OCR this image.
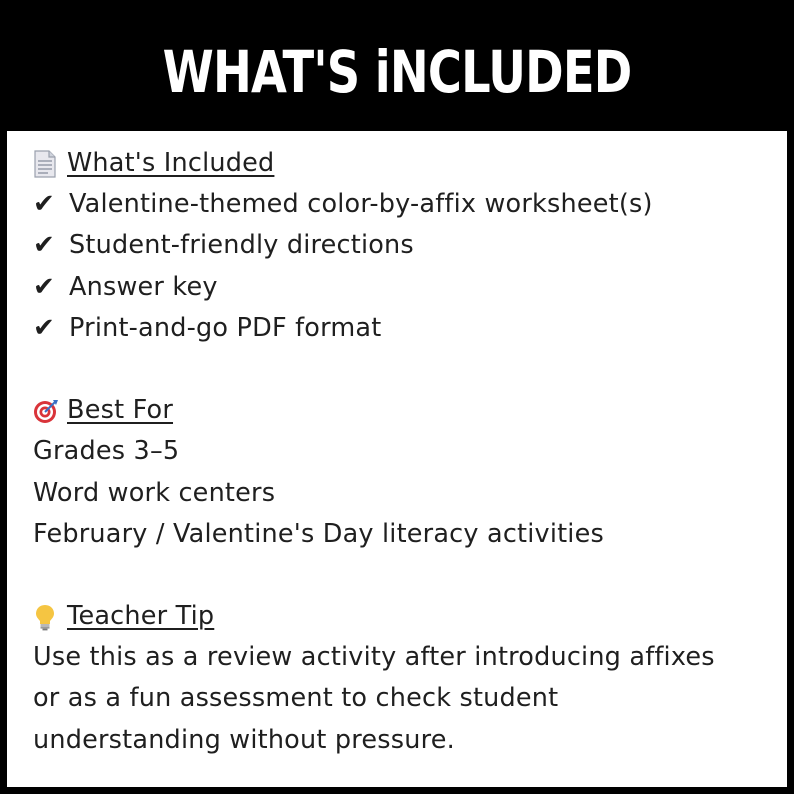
WHAT'S iNCLUDED
What's Included
✔ Valentine-themed color-by-affix worksheet(s)
✔ Student-friendly directions
✔ Answer key
✔ Print-and-go PDF format
Best For
Grades 3–5
Word work centers
February / Valentine's Day literacy activities
Teacher Tip
Use this as a review activity after introducing affixes
or as a fun assessment to check student
understanding without pressure.
